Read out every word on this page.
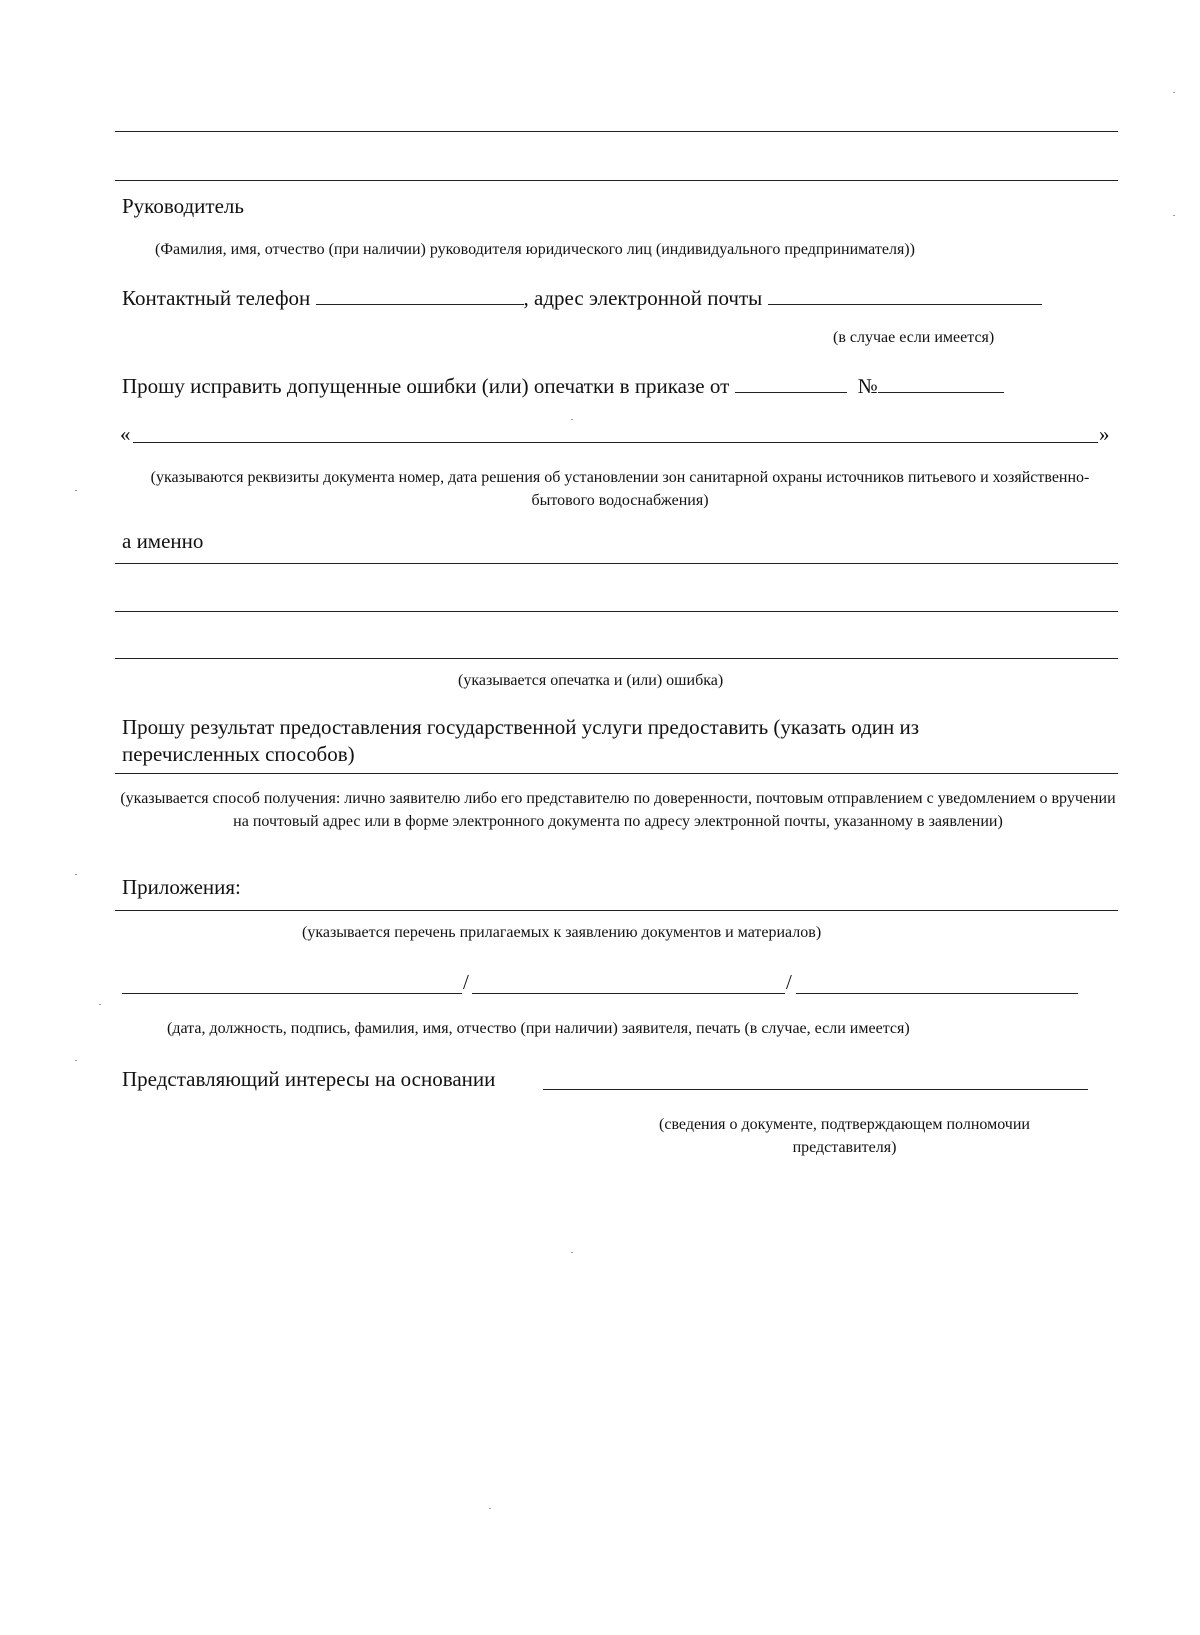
Руководитель
(Фамилия, имя, отчество (при наличии) руководителя юридического лиц (индивидуального предпринимателя))
Контактный телефон	, адрес электронной почты
(в случае если имеется)
Прошу исправить допущенные ошибки (или) опечатки в приказе от	№
«	»
(указываются реквизиты документа номер, дата решения об установлении зон санитарной охраны источников питьевого и хозяйственно-бытового водоснабжения)
а именно
(указывается опечатка и (или) ошибка)
Прошу результат предоставления государственной услуги предоставить (указать один из перечисленных способов)
(указывается способ получения: лично заявителю либо его представителю по доверенности, почтовым отправлением с уведомлением о вручении на почтовый адрес или в форме электронного документа по адресу электронной почты, указанному в заявлении)
Приложения:
(указывается перечень прилагаемых к заявлению документов и материалов)
/	/
(дата, должность, подпись, фамилия, имя, отчество (при наличии) заявителя, печать (в случае, если имеется)
Представляющий интересы на основании
(сведения о документе, подтверждающем полномочии представителя)
